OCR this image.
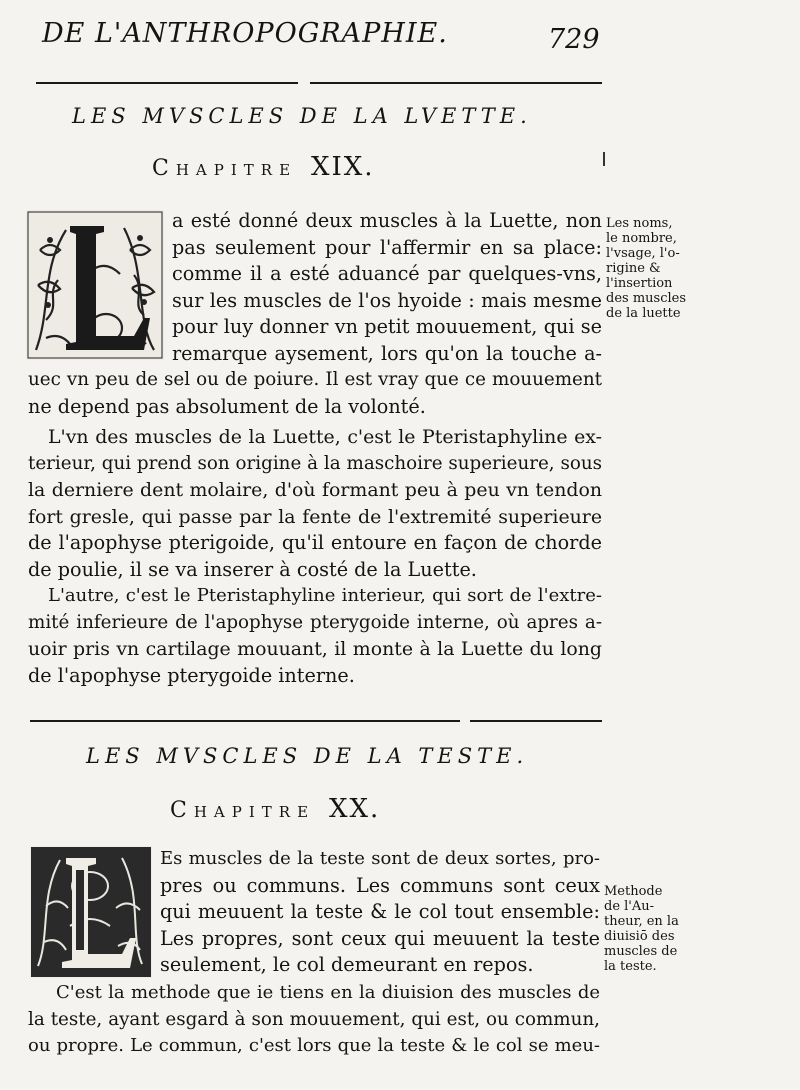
DE L'ANTHROPOGRAPHIE.	729
LES MVSCLES DE LA LVETTE.
Chapitre XIX.
a esté donné deux muscles à la Luette, non
pas seulement pour l'affermir en sa place:
comme il a esté aduancé par quelques-vns,
sur les muscles de l'os hyoide : mais mesme
pour luy donner vn petit mouuement, qui se
remarque aysement, lors qu'on la touche a-
uec vn peu de sel ou de poiure. Il est vray que ce mouuement
ne depend pas absolument de la volonté.
Les noms,
le nombre,
l'vsage, l'o-
rigine &
l'insertion
des muscles
de la luette
L'vn des muscles de la Luette, c'est le Pteristaphyline ex-
terieur, qui prend son origine à la maschoire superieure, sous
la derniere dent molaire, d'où formant peu à peu vn tendon
fort gresle, qui passe par la fente de l'extremité superieure
de l'apophyse pterigoide, qu'il entoure en façon de chorde
de poulie, il se va inserer à costé de la Luette.
L'autre, c'est le Pteristaphyline interieur, qui sort de l'extre-
mité inferieure de l'apophyse pterygoide interne, où apres a-
uoir pris vn cartilage mouuant, il monte à la Luette du long
de l'apophyse pterygoide interne.
LES MVSCLES DE LA TESTE.
Chapitre XX.
Es muscles de la teste sont de deux sortes, pro-
pres ou communs. Les communs sont ceux
qui meuuent la teste & le col tout ensemble:
Les propres, sont ceux qui meuuent la teste
seulement, le col demeurant en repos.
Methode
de l'Au-
theur, en la
diuisiō des
muscles de
la teste.
C'est la methode que ie tiens en la diuision des muscles de
la teste, ayant esgard à son mouuement, qui est, ou commun,
ou propre. Le commun, c'est lors que la teste & le col se meu-
